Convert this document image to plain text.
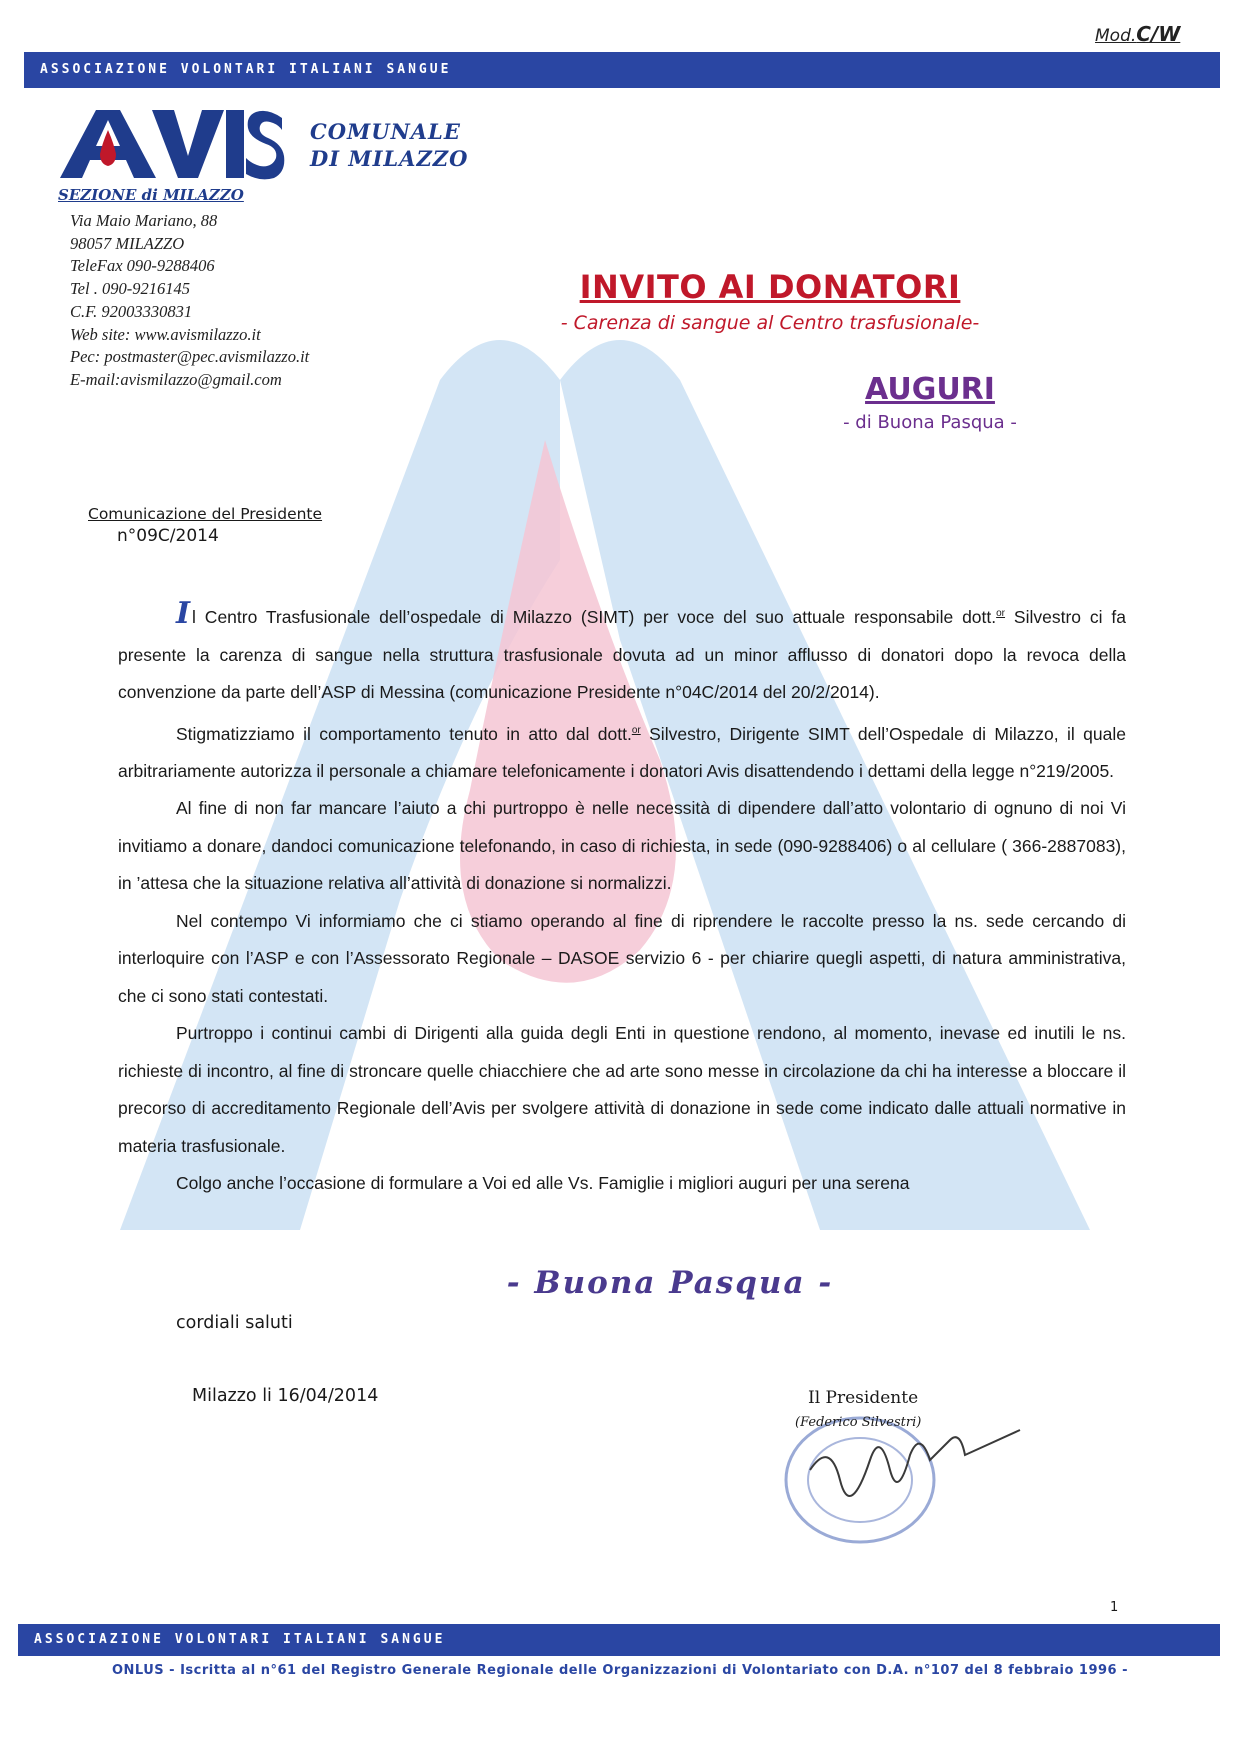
Mod.C/W
ASSOCIAZIONE VOLONTARI ITALIANI SANGUE
COMUNALE
DI MILAZZO
SEZIONE di MILAZZO
Via Maio Mariano, 88
98057 MILAZZO
TeleFax 090-9288406
Tel . 090-9216145
C.F. 92003330831
Web site: www.avismilazzo.it
Pec: postmaster@pec.avismilazzo.it
E-mail:avismilazzo@gmail.com
INVITO AI DONATORI
- Carenza di sangue al Centro trasfusionale-
AUGURI
- di Buona Pasqua -
Comunicazione del Presidente
n°09C/2014

Il Centro Trasfusionale dell’ospedale di Milazzo (SIMT) per voce del suo attuale responsabile dott.$^{or}$ Silvestro ci fa presente la carenza di sangue nella struttura trasfusionale dovuta ad un minor afflusso di donatori dopo la revoca della convenzione da parte dell’ASP di Messina (comunicazione Presidente n°04C/2014 del 20/2/2014).

Stigmatizziamo il comportamento tenuto in atto dal dott.$^{or}$ Silvestro, Dirigente SIMT dell’Ospedale di Milazzo, il quale arbitrariamente autorizza il personale a chiamare telefonicamente i donatori Avis disattendendo i dettami della legge n°219/2005.

Al fine di non far mancare l’aiuto a chi purtroppo è nelle necessità di dipendere dall’atto volontario di ognuno di noi Vi invitiamo a donare, dandoci comunicazione telefonando, in caso di richiesta, in sede (090-9288406) o al cellulare ( 366-2887083), in ’attesa che la situazione relativa all’attività di donazione si normalizzi.

Nel contempo Vi informiamo che ci stiamo operando al fine di riprendere le raccolte presso la ns. sede cercando di interloquire con l’ASP e con l’Assessorato Regionale – DASOE servizio 6 - per chiarire quegli aspetti, di natura amministrativa, che ci sono stati contestati.

Purtroppo i continui cambi di Dirigenti alla guida degli Enti in questione rendono, al momento, inevase ed inutili le ns. richieste di incontro, al fine di stroncare quelle chiacchiere che ad arte sono messe in circolazione da chi ha interesse a bloccare il precorso di accreditamento Regionale dell’Avis per svolgere attività di donazione in sede come indicato dalle attuali normative in materia trasfusionale.

Colgo anche l’occasione di formulare a Voi ed alle Vs. Famiglie i migliori auguri per una serena

- Buona Pasqua -
cordiali saluti
Milazzo li 16/04/2014	Il Presidente
(Federico Silvestri)
1
ASSOCIAZIONE VOLONTARI ITALIANI SANGUE
ONLUS - Iscritta al n°61 del Registro Generale Regionale delle Organizzazioni di Volontariato con D.A. n°107 del 8 febbraio 1996 -
